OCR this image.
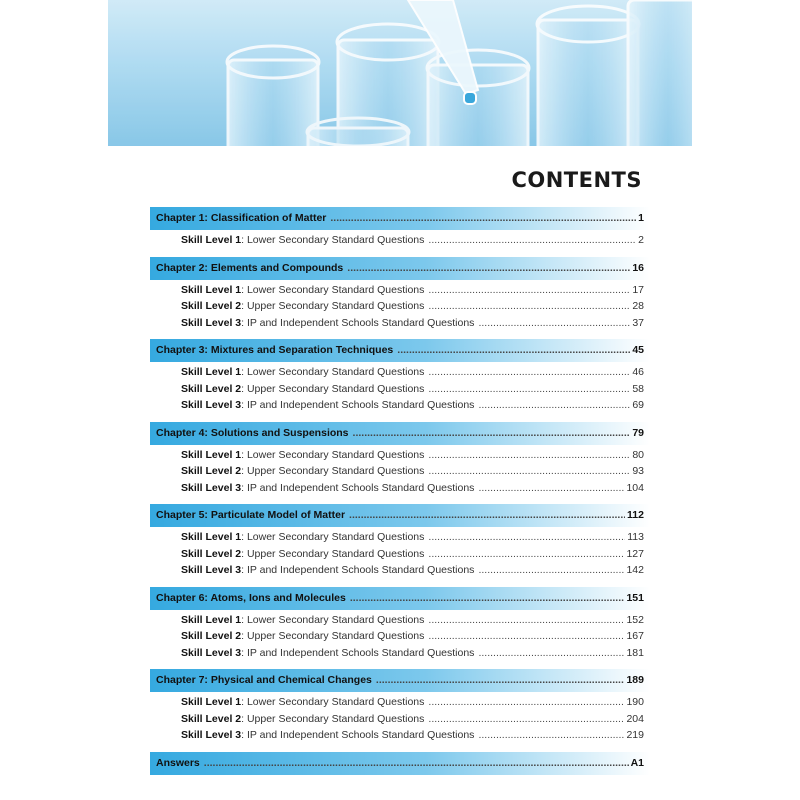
CONTENTS
Chapter 1: Classification of Matter .....	1
Skill Level 1 : Lower Secondary Standard Questions .....	2
Chapter 2: Elements and Compounds .....	16
Skill Level 1 : Lower Secondary Standard Questions .....	17
Skill Level 2 : Upper Secondary Standard Questions .....	28
Skill Level 3 : IP and Independent Schools Standard Questions .....	37
Chapter 3: Mixtures and Separation Techniques .....	45
Skill Level 1 : Lower Secondary Standard Questions .....	46
Skill Level 2 : Upper Secondary Standard Questions .....	58
Skill Level 3 : IP and Independent Schools Standard Questions .....	69
Chapter 4: Solutions and Suspensions .....	79
Skill Level 1 : Lower Secondary Standard Questions .....	80
Skill Level 2 : Upper Secondary Standard Questions .....	93
Skill Level 3 : IP and Independent Schools Standard Questions .....	104
Chapter 5: Particulate Model of Matter .....	112
Skill Level 1 : Lower Secondary Standard Questions .....	113
Skill Level 2 : Upper Secondary Standard Questions .....	127
Skill Level 3 : IP and Independent Schools Standard Questions .....	142
Chapter 6: Atoms, Ions and Molecules .....	151
Skill Level 1 : Lower Secondary Standard Questions .....	152
Skill Level 2 : Upper Secondary Standard Questions .....	167
Skill Level 3 : IP and Independent Schools Standard Questions .....	181
Chapter 7: Physical and Chemical Changes .....	189
Skill Level 1 : Lower Secondary Standard Questions .....	190
Skill Level 2 : Upper Secondary Standard Questions .....	204
Skill Level 3 : IP and Independent Schools Standard Questions .....	219
Answers .....	A1
